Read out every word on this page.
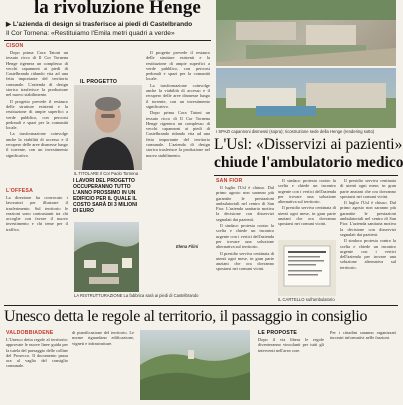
la rivoluzione Henge
▶ L'azienda di design si trasferisce ai piedi di Castelbrando
Il Cor Tornena: «Restituiamo l'Emila metri quadri a verde»
CISON

Dopo prima Cora Tatoni un tessuto ricco di Il Cor Tornena Henge rigenera un complesso di vecchi capannoni ai piedi di Castelbrando ridando vita ad una fetta importante del territorio comunale. L'azienda di design storica trasferisce la produzione nel nuovo stabilimento.

Il progetto prevede il restauro delle strutture esistenti e la restituzione di ampie superfici a verde pubblico, con percorsi pedonali e spazi per la comunità locale.

La trasformazione coinvolge anche la viabilità di accesso e il recupero delle aree dismesse lungo il torrente, con un investimento significativo.

IL PROGETTO
IL TITOLARE Il Cor Paolo Tornena

Il progetto prevede il restauro delle strutture esistenti e la restituzione di ampie superfici a verde pubblico, con percorsi pedonali e spazi per la comunità locale.

La trasformazione coinvolge anche la viabilità di accesso e il recupero delle aree dismesse lungo il torrente, con un investimento significativo.

Dopo prima Cora Tatoni un tessuto ricco di Il Cor Tornena Henge rigenera un complesso di vecchi capannoni ai piedi di Castelbrando ridando vita ad una fetta importante del territorio comunale. L'azienda di design storica trasferisce la produzione nel nuovo stabilimento.

I LAVORI DEL PROGETTO OCCUPERANNO TUTTO L'ANNO PROSSIMO IN UN EDIFICIO PER IL QUALE IL COSTO SARÀ DI 3 MILIONI DI EURO
Elena Filini
L'OFFESA
La direzione ha convocato i lavoratori per illustrare il trasferimento. Sul territorio le reazioni sono contrastanti tra chi accoglie con favore il nuovo investimento e chi teme per il traffico.
LA RISTRUTTURAZIONE La fabbrica sarà ai piedi di Castelbrando
I SPAZI capannoni dismessi (sopra); ricostruzione sede della Henge (rendering sotto)
L'Usl: «Disservizi ai pazienti»
chiude l'ambulatorio medico
SAN FIOR

Il luglio l'Usl è chiuso. Dal primo agosto non saranno più garantite le prestazioni ambulatoriali nel centro di San Fior. L'azienda sanitaria motiva la decisione con disservizi segnalati dai pazienti.

Il sindaco protesta contro la scelta e chiede un incontro urgente con i vertici dell'azienda per trovare una soluzione alternativa sul territorio.

Il presidio serviva centinaia di utenti ogni mese, in gran parte anziani che ora dovranno spostarsi nei comuni vicini.

Il sindaco protesta contro la scelta e chiede un incontro urgente con i vertici dell'azienda per trovare una soluzione alternativa sul territorio.

Il presidio serviva centinaia di utenti ogni mese, in gran parte anziani che ora dovranno spostarsi nei comuni vicini.

Il presidio serviva centinaia di utenti ogni mese, in gran parte anziani che ora dovranno spostarsi nei comuni vicini.

Il luglio l'Usl è chiuso. Dal primo agosto non saranno più garantite le prestazioni ambulatoriali nel centro di San Fior. L'azienda sanitaria motiva la decisione con disservizi segnalati dai pazienti.

Il sindaco protesta contro la scelta e chiede un incontro urgente con i vertici dell'azienda per trovare una soluzione alternativa sul territorio.

IL CARTELLO sull'ambulatorio
Unesco detta le regole al territorio, il passaggio in consiglio
VALDOBBIADENE
L'Unesco detta regole al territorio: approvate le nuove linee guida per la tutela del paesaggio delle colline del Prosecco. Il documento passa ora al vaglio del consiglio comunale.
di pianificazione del territorio. Le norme riguardano edificazione, vigneti e infrastrutture.
LE PROPOSTE
Dopo il via libera le regole diventeranno vincolanti per tutti gli interventi nell'area core.
Per i cittadini saranno organizzati incontri informativi nelle frazioni.
